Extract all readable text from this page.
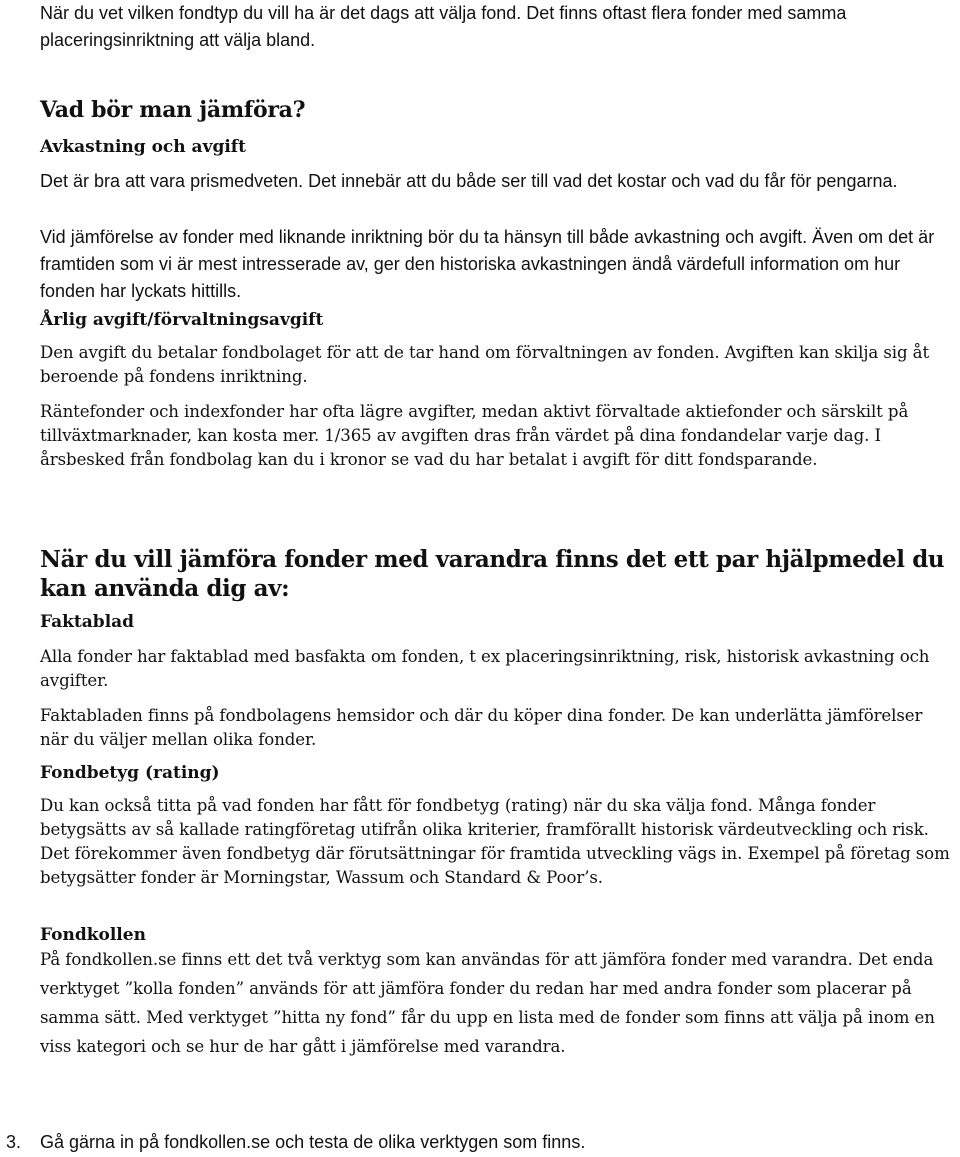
När du vet vilken fondtyp du vill ha är det dags att välja fond. Det finns oftast flera fonder med samma placeringsinriktning att välja bland.

Vad bör man jämföra?
Avkastning och avgift

Det är bra att vara prismedveten. Det innebär att du både ser till vad det kostar och vad du får för pengarna.

Vid jämförelse av fonder med liknande inriktning bör du ta hänsyn till både avkastning och avgift. Även om det är framtiden som vi är mest intresserade av, ger den historiska avkastningen ändå värdefull information om hur fonden har lyckats hittills.

Årlig avgift/förvaltningsavgift

Den avgift du betalar fondbolaget för att de tar hand om förvaltningen av fonden. Avgiften kan skilja sig åt beroende på fondens inriktning.

Räntefonder och indexfonder har ofta lägre avgifter, medan aktivt förvaltade aktiefonder och särskilt på tillväxtmarknader, kan kosta mer. 1/365 av avgiften dras från värdet på dina fondandelar varje dag. I årsbesked från fondbolag kan du i kronor se vad du har betalat i avgift för ditt fondsparande.

När du vill jämföra fonder med varandra finns det ett par hjälpmedel du kan använda dig av:
Faktablad

Alla fonder har faktablad med basfakta om fonden, t ex placeringsinriktning, risk, historisk avkastning och avgifter.

Faktabladen finns på fondbolagens hemsidor och där du köper dina fonder. De kan underlätta jämförelser när du väljer mellan olika fonder.

Fondbetyg (rating)

Du kan också titta på vad fonden har fått för fondbetyg (rating) när du ska välja fond. Många fonder betygsätts av så kallade ratingföretag utifrån olika kriterier, framförallt historisk värdeutveckling och risk. Det förekommer även fondbetyg där förutsättningar för framtida utveckling vägs in. Exempel på företag som betygsätter fonder är Morningstar, Wassum och Standard & Poor’s.

Fondkollen

På fondkollen.se finns ett det två verktyg som kan användas för att jämföra fonder med varandra. Det enda verktyget ”kolla fonden” används för att jämföra fonder du redan har med andra fonder som placerar på samma sätt. Med verktyget ”hitta ny fond” får du upp en lista med de fonder som finns att välja på inom en viss kategori och se hur de har gått i jämförelse med varandra.

3. Gå gärna in på fondkollen.se och testa de olika verktygen som finns.
